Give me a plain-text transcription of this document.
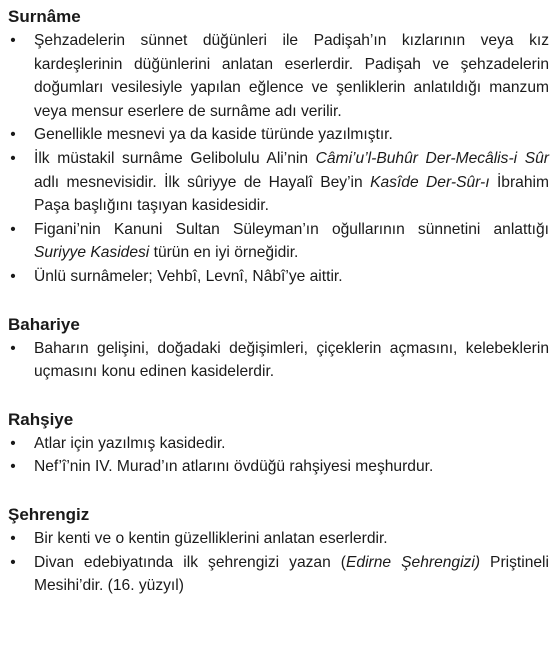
Surnâme
• Şehzadelerin sünnet düğünleri ile Padişah’ın kızlarının veya kız kardeşlerinin düğünlerini anlatan eserlerdir. Padişah ve şehzadelerin doğumları vesilesiyle yapılan eğlence ve şenliklerin anlatıldığı manzum veya mensur eserlere de surnâme adı verilir.
• Genellikle mesnevi ya da kaside türünde yazılmıştır.
• İlk müstakil surnâme Gelibolulu Ali’nin Câmi’u’l-Buhûr Der-Mecâlis-i Sûr adlı mesnevisidir. İlk sûriyye de Hayalî Bey’in Kasîde Der-Sûr-ı İbrahim Paşa başlığını taşıyan kasidesidir.
• Figani’nin Kanuni Sultan Süleyman’ın oğullarının sünnetini anlattığı Suriyye Kasidesi türün en iyi örneğidir.
• Ünlü surnâmeler; Vehbî, Levnî, Nâbî’ye aittir.
Bahariye
• Baharın gelişini, doğadaki değişimleri, çiçeklerin açmasını, kelebeklerin uçmasını konu edinen kasidelerdir.
Rahşiye
• Atlar için yazılmış kasidedir.
• Nef’î’nin IV. Murad’ın atlarını övdüğü rahşiyesi meşhurdur.
Şehrengiz
• Bir kenti ve o kentin güzelliklerini anlatan eserlerdir.
• Divan edebiyatında ilk şehrengizi yazan (Edirne Şehrengizi) Priştineli Mesihi’dir. (16. yüzyıl)
